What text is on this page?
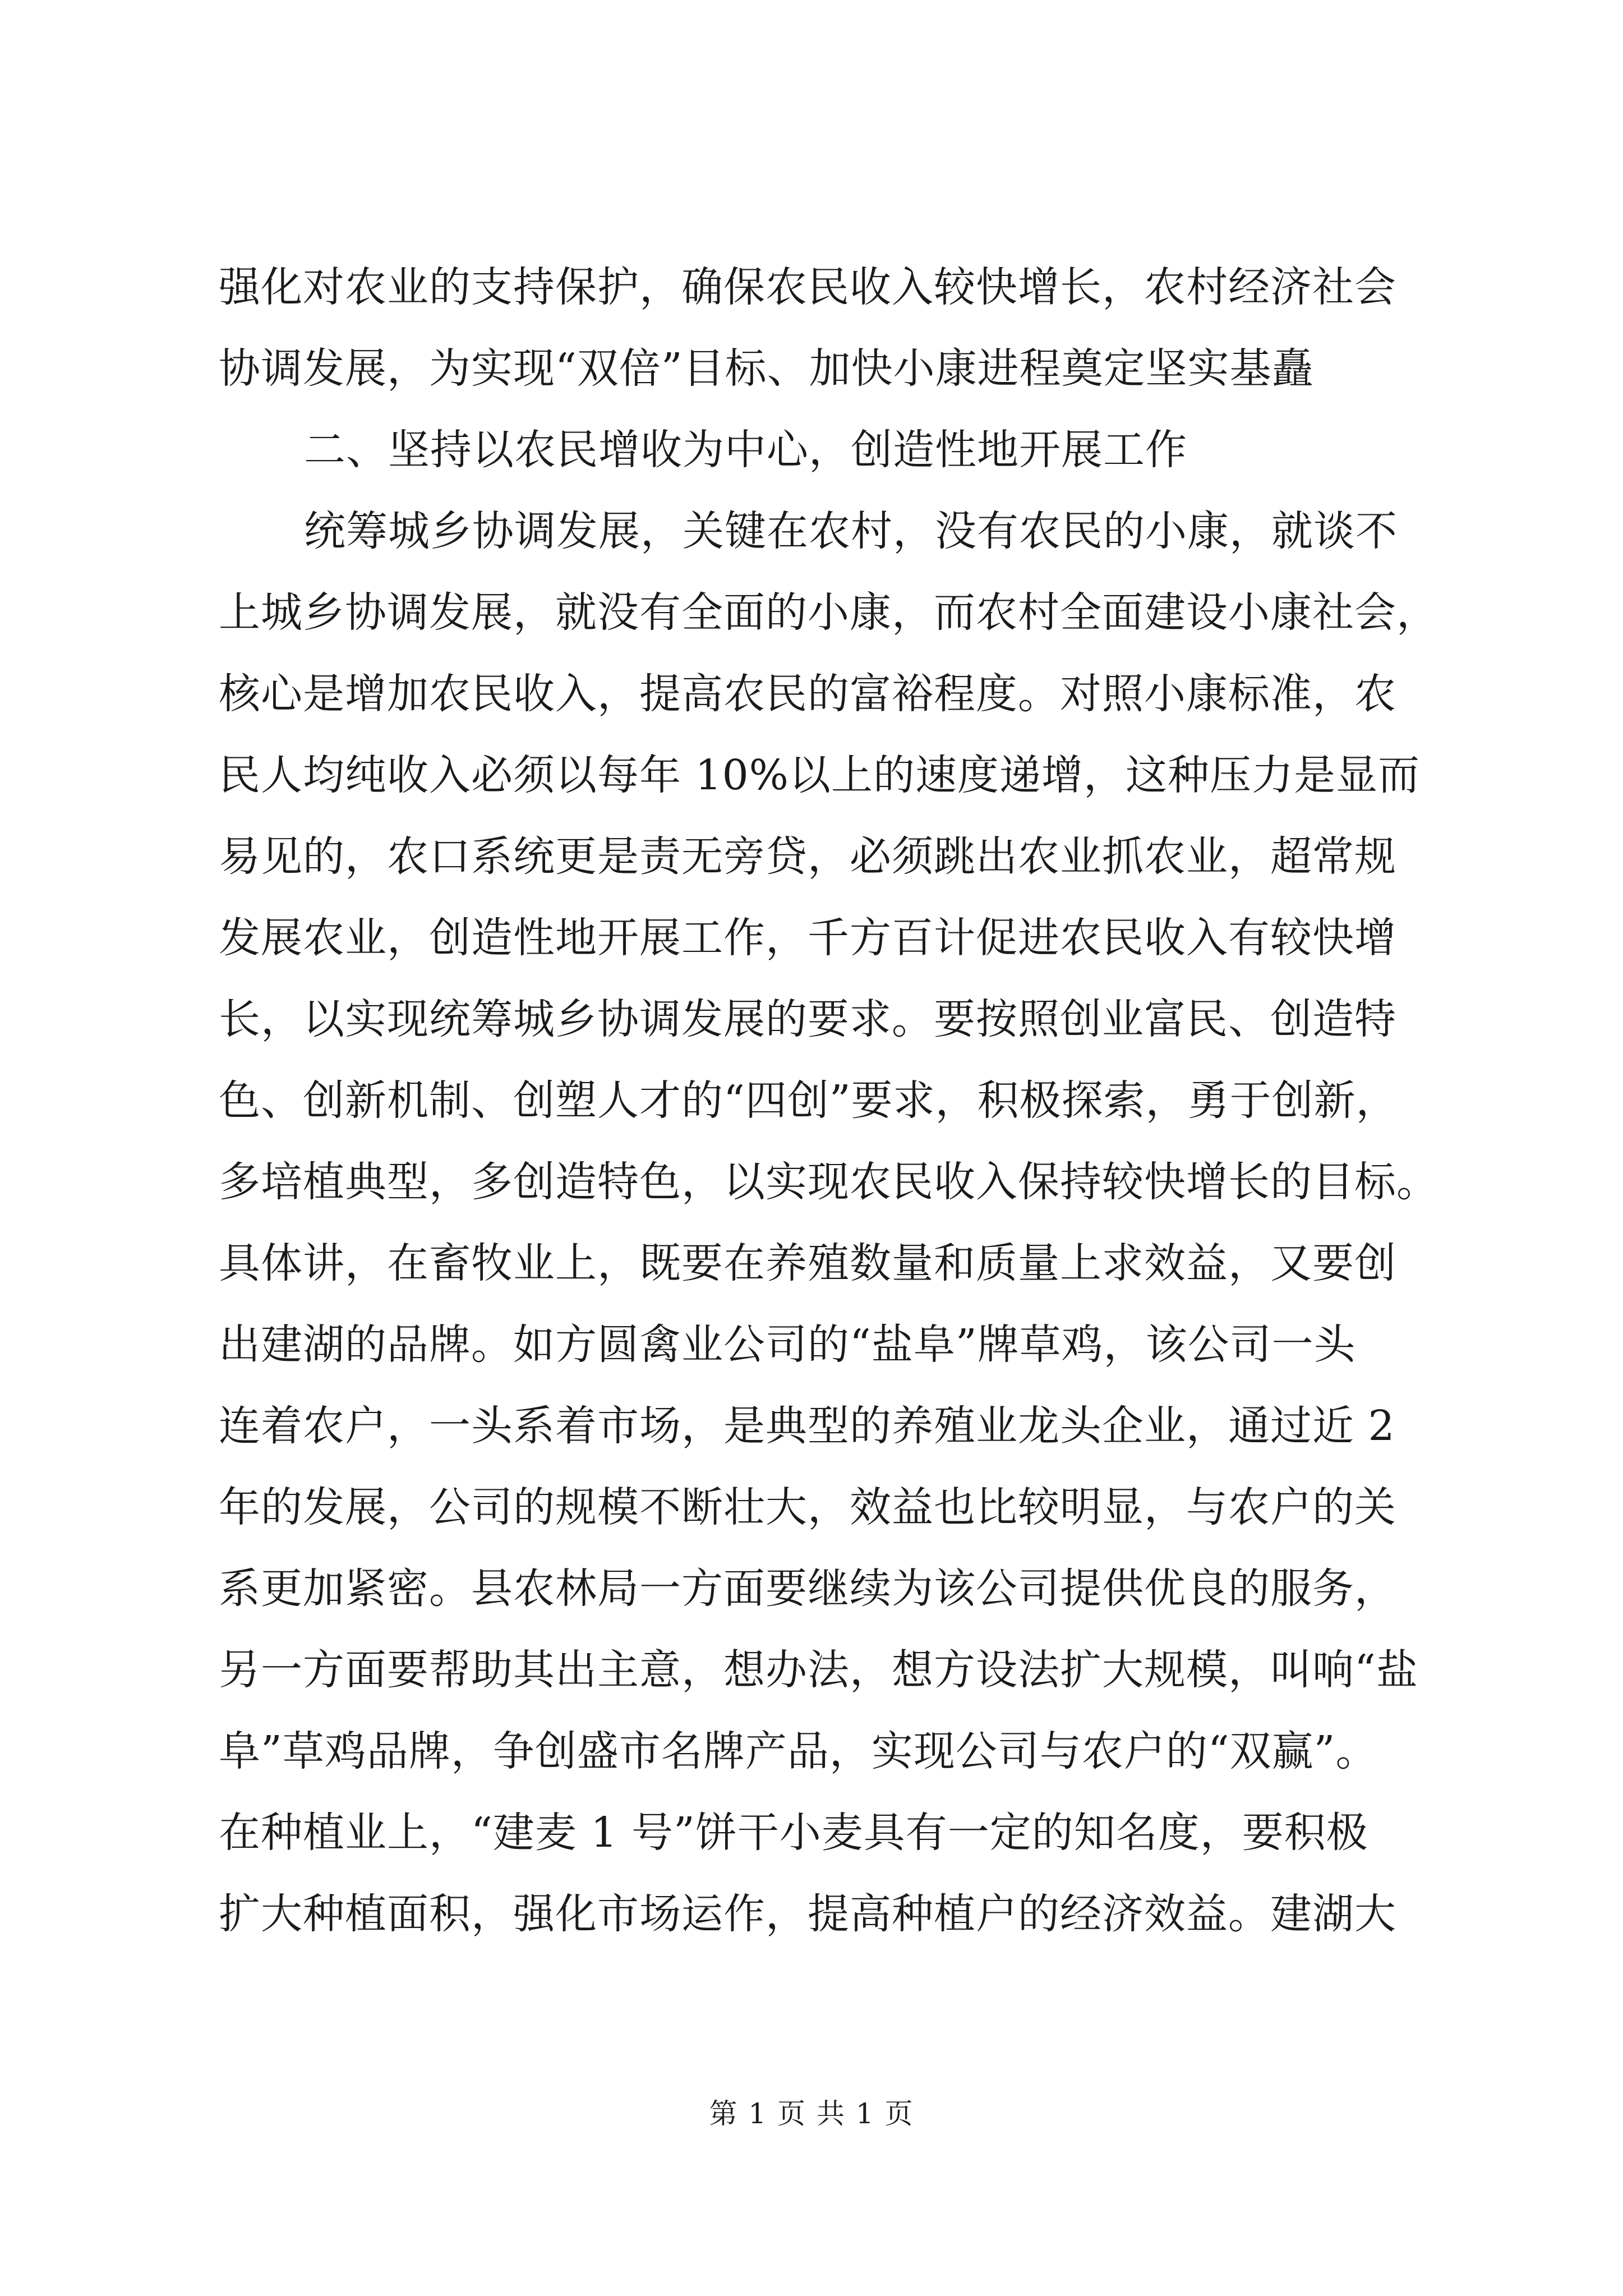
强化对农业的支持保护，确保农民收入较快增长，农村经济社会
协调发展，为实现“双倍”目标、加快小康进程奠定坚实基矗
二、坚持以农民增收为中心，创造性地开展工作
统筹城乡协调发展，关键在农村，没有农民的小康，就谈不
上城乡协调发展，就没有全面的小康，而农村全面建设小康社会，
核心是增加农民收入，提高农民的富裕程度。对照小康标准，农
民人均纯收入必须以每年 10%以上的速度递增，这种压力是显而
易见的，农口系统更是责无旁贷，必须跳出农业抓农业，超常规
发展农业，创造性地开展工作，千方百计促进农民收入有较快增
长，以实现统筹城乡协调发展的要求。要按照创业富民、创造特
色、创新机制、创塑人才的“四创”要求，积极探索，勇于创新，
多培植典型，多创造特色，以实现农民收入保持较快增长的目标。
具体讲，在畜牧业上，既要在养殖数量和质量上求效益，又要创
出建湖的品牌。如方圆禽业公司的“盐阜”牌草鸡，该公司一头
连着农户，一头系着市场，是典型的养殖业龙头企业，通过近 2
年的发展，公司的规模不断壮大，效益也比较明显，与农户的关
系更加紧密。县农林局一方面要继续为该公司提供优良的服务，
另一方面要帮助其出主意，想办法，想方设法扩大规模，叫响“盐
阜”草鸡品牌，争创盛市名牌产品，实现公司与农户的“双赢”。
在种植业上，“建麦 1 号”饼干小麦具有一定的知名度，要积极
扩大种植面积，强化市场运作，提高种植户的经济效益。建湖大
第 1 页 共 1 页
